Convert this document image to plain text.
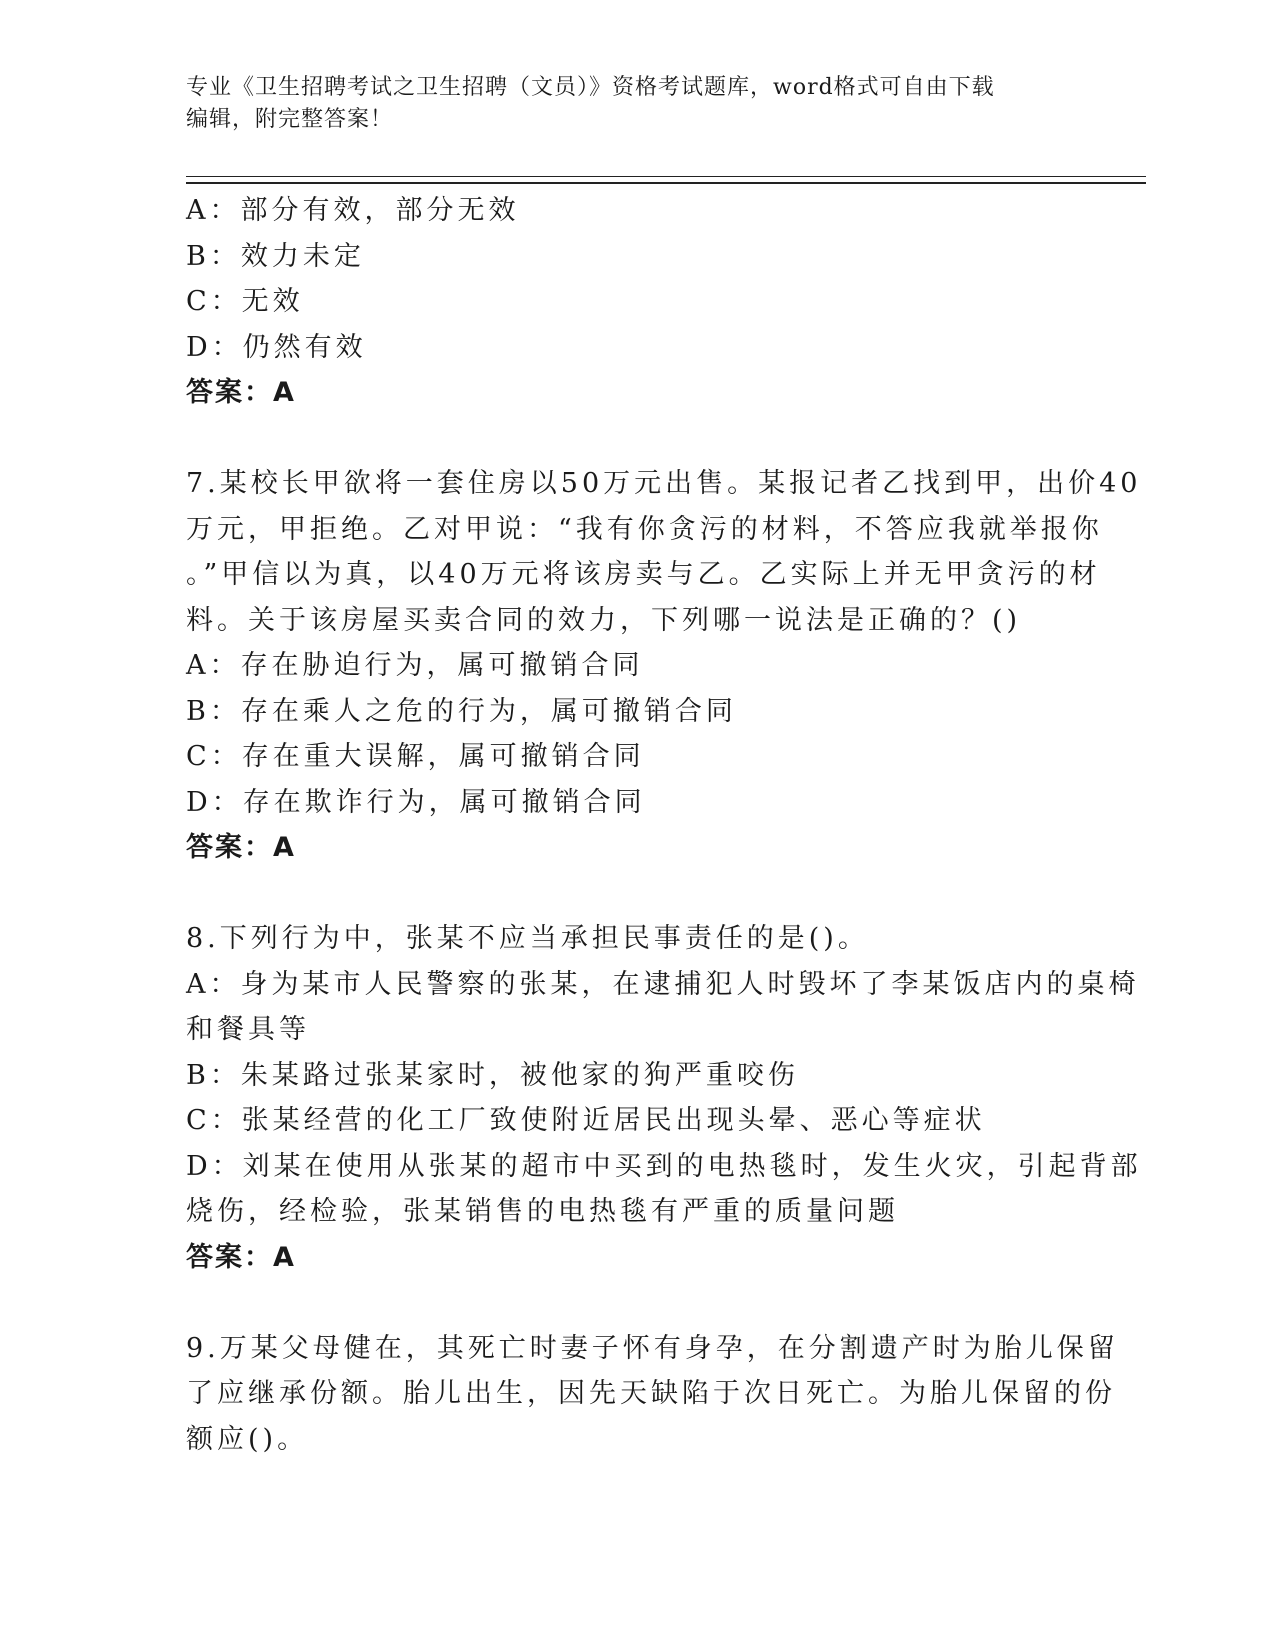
专业《卫生招聘考试之卫生招聘（文员）》资格考试题库，word格式可自由下载
编辑，附完整答案！
A：部分有效，部分无效
B：效力未定
C：无效
D：仍然有效
答案：A
7.某校长甲欲将一套住房以50万元出售。某报记者乙找到甲，出价40
万元，甲拒绝。乙对甲说：“我有你贪污的材料，不答应我就举报你
。”甲信以为真，以40万元将该房卖与乙。乙实际上并无甲贪污的材
料。关于该房屋买卖合同的效力，下列哪一说法是正确的？()
A：存在胁迫行为，属可撤销合同
B：存在乘人之危的行为，属可撤销合同
C：存在重大误解，属可撤销合同
D：存在欺诈行为，属可撤销合同
答案：A
8.下列行为中，张某不应当承担民事责任的是()。
A：身为某市人民警察的张某，在逮捕犯人时毁坏了李某饭店内的桌椅
和餐具等
B：朱某路过张某家时，被他家的狗严重咬伤
C：张某经营的化工厂致使附近居民出现头晕、恶心等症状
D：刘某在使用从张某的超市中买到的电热毯时，发生火灾，引起背部
烧伤，经检验，张某销售的电热毯有严重的质量问题
答案：A
9.万某父母健在，其死亡时妻子怀有身孕，在分割遗产时为胎儿保留
了应继承份额。胎儿出生，因先天缺陷于次日死亡。为胎儿保留的份
额应()。
